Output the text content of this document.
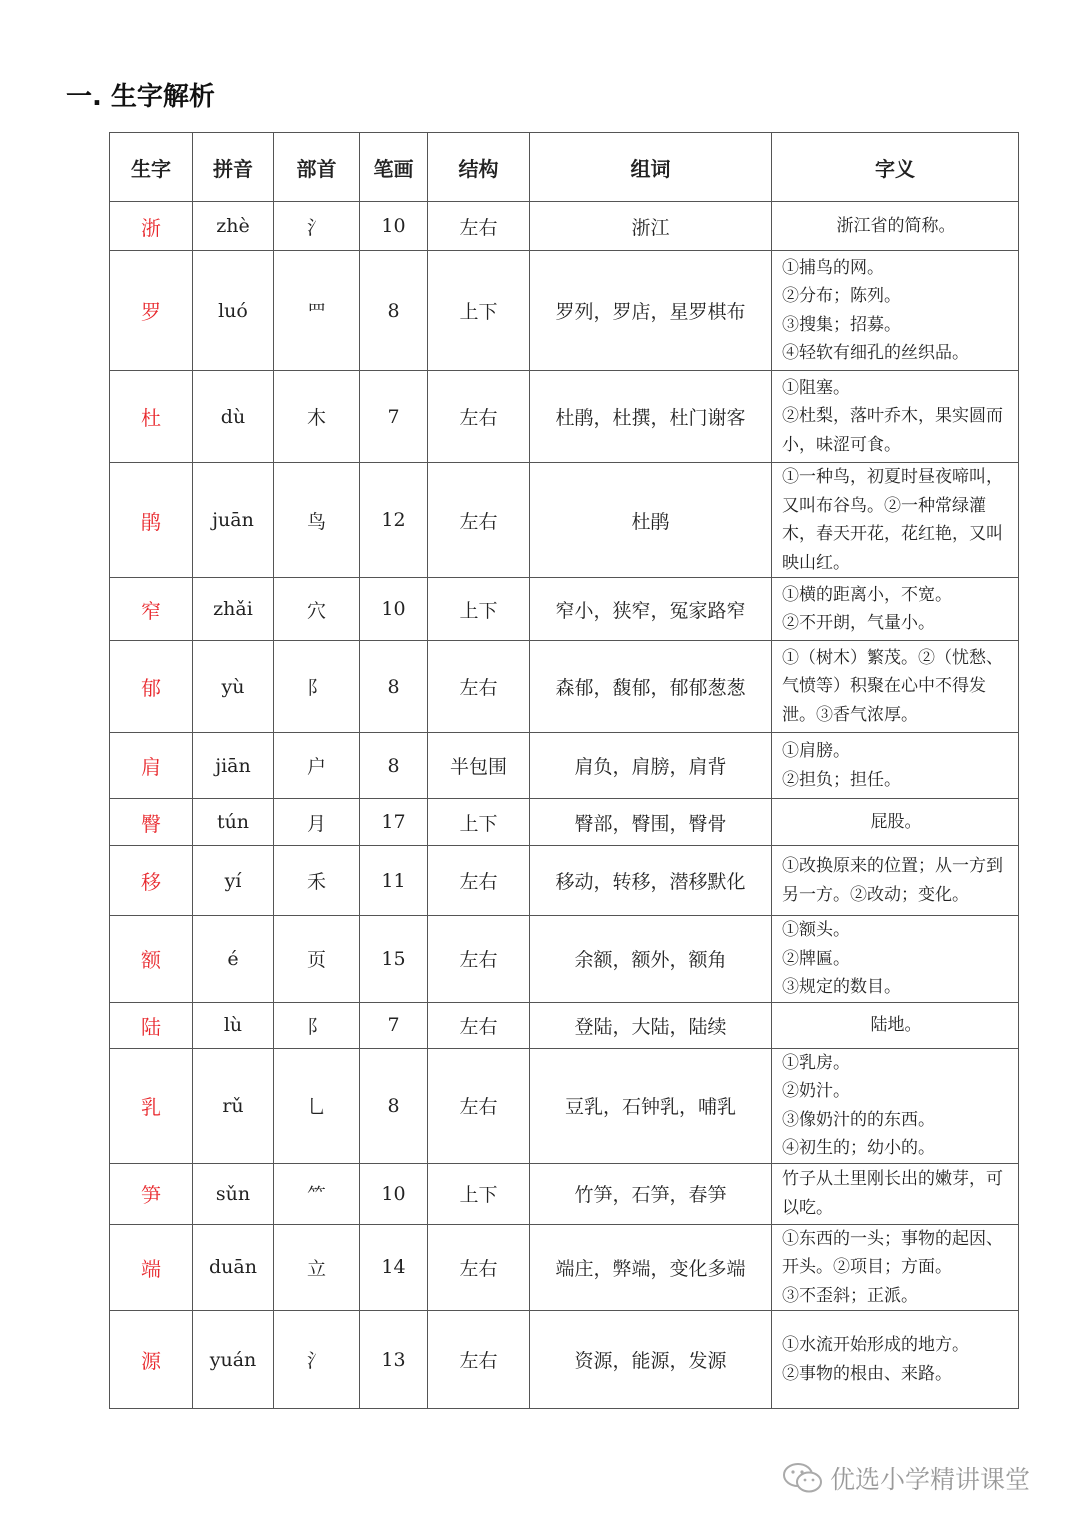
一. 生字解析
生字	拼音	部首	笔画	结构	组词	字义
浙	zhè	氵	10	左右	浙江	浙江省的简称。

罗	luó	罒	8	上下	罗列，罗店，星罗棋布	①捕鸟的网。
②分布；陈列。
③搜集；招募。
④轻软有细孔的丝织品。

杜	dù	木	7	左右	杜鹃，杜撰，杜门谢客	①阻塞。
②杜梨，落叶乔木，果实圆而小，味涩可食。

鹃	juān	鸟	12	左右	杜鹃	①一种鸟，初夏时昼夜啼叫，又叫布谷鸟。②一种常绿灌木，春天开花，花红艳，又叫映山红。

窄	zhǎi	穴	10	上下	窄小，狭窄，冤家路窄	①横的距离小，不宽。
②不开朗，气量小。

郁	yù	阝	8	左右	森郁，馥郁，郁郁葱葱	①（树木）繁茂。②（忧愁、气愤等）积聚在心中不得发泄。③香气浓厚。

肩	jiān	户	8	半包围	肩负，肩膀，肩背	①肩膀。
②担负；担任。

臀	tún	月	17	上下	臀部，臀围，臀骨	屁股。

移	yí	禾	11	左右	移动，转移，潜移默化	①改换原来的位置；从一方到另一方。②改动；变化。

额	é	页	15	左右	余额，额外，额角	①额头。
②牌匾。
③规定的数目。

陆	lù	阝	7	左右	登陆，大陆，陆续	陆地。

乳	rǔ	乚	8	左右	豆乳，石钟乳，哺乳	①乳房。
②奶汁。
③像奶汁的的东西。
④初生的；幼小的。

笋	sǔn	⺮	10	上下	竹笋，石笋，春笋	竹子从土里刚长出的嫩芽，可以吃。

端	duān	立	14	左右	端庄，弊端，变化多端	①东西的一头；事物的起因、开头。②项目；方面。
③不歪斜；正派。

源	yuán	氵	13	左右	资源，能源，发源	①水流开始形成的地方。
②事物的根由、来路。
优选小学精讲课堂
